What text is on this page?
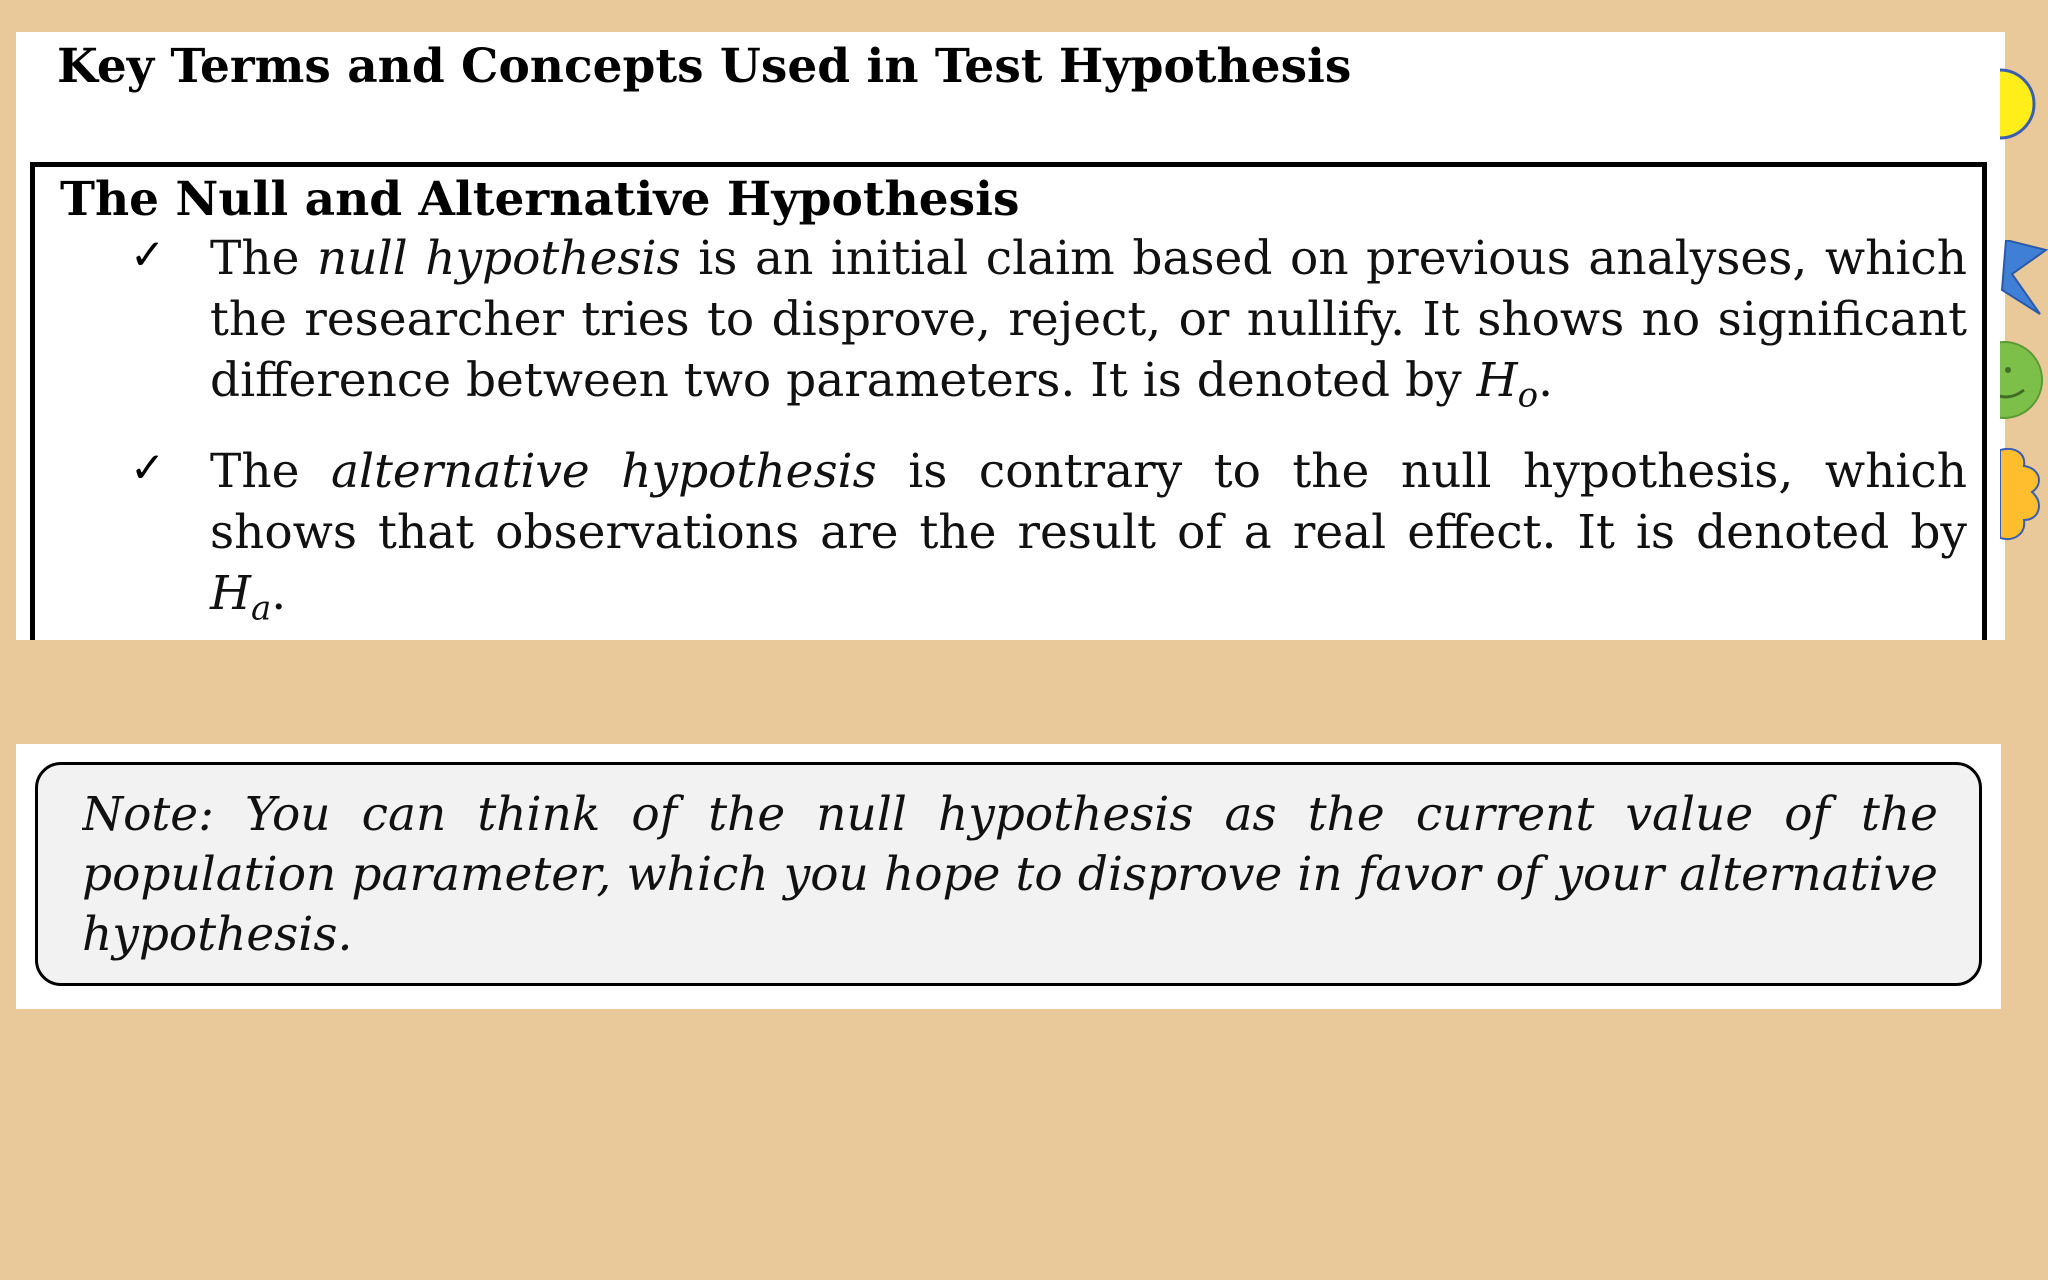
Key Terms and Concepts Used in Test Hypothesis
The Null and Alternative Hypothesis
✓ The null hypothesis is an initial claim based on previous analyses, which the researcher tries to disprove, reject, or nullify. It shows no significant difference between two parameters. It is denoted by $H_o$.
✓ The alternative hypothesis is contrary to the null hypothesis, which shows that observations are the result of a real effect. It is denoted by $H_a$.
Note: You can think of the null hypothesis as the current value of the population parameter, which you hope to disprove in favor of your alternative hypothesis.
